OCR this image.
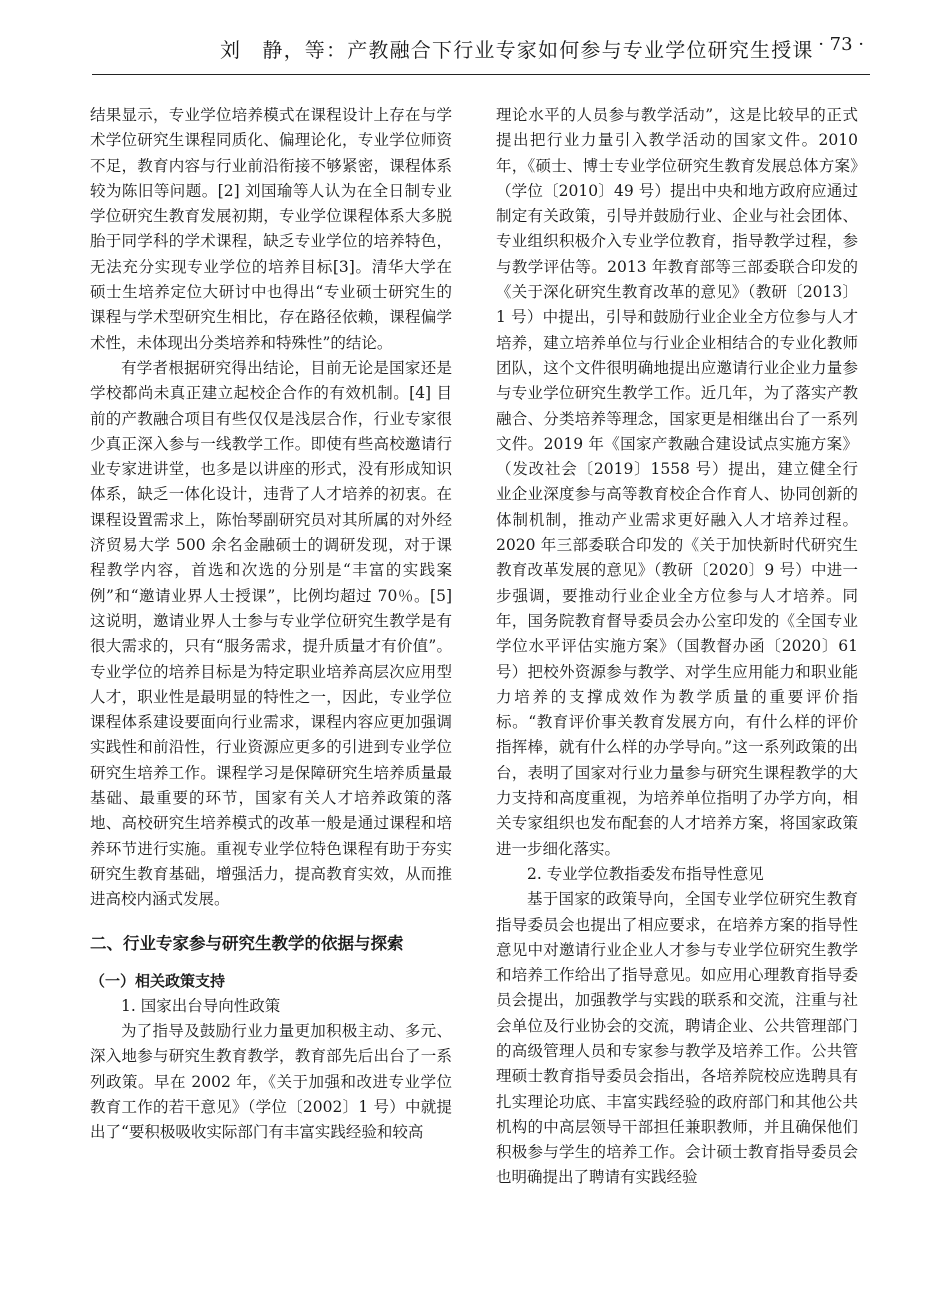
刘　静，等：产教融合下行业专家如何参与专业学位研究生授课 · 73 ·

结果显示，专业学位培养模式在课程设计上存在与学术学位研究生课程同质化、偏理论化，专业学位师资不足，教育内容与行业前沿衔接不够紧密，课程体系较为陈旧等问题。[2] 刘国瑜等人认为在全日制专业学位研究生教育发展初期，专业学位课程体系大多脱胎于同学科的学术课程，缺乏专业学位的培养特色，无法充分实现专业学位的培养目标[3]。清华大学在硕士生培养定位大研讨中也得出“专业硕士研究生的课程与学术型研究生相比，存在路径依赖，课程偏学术性，未体现出分类培养和特殊性”的结论。

有学者根据研究得出结论，目前无论是国家还是学校都尚未真正建立起校企合作的有效机制。[4] 目前的产教融合项目有些仅仅是浅层合作，行业专家很少真正深入参与一线教学工作。即使有些高校邀请行业专家进讲堂，也多是以讲座的形式，没有形成知识体系，缺乏一体化设计，违背了人才培养的初衷。在课程设置需求上，陈怡琴副研究员对其所属的对外经济贸易大学 500 余名金融硕士的调研发现，对于课程教学内容，首选和次选的分别是“丰富的实践案例”和“邀请业界人士授课”，比例均超过 70％。[5] 这说明，邀请业界人士参与专业学位研究生教学是有很大需求的，只有“服务需求，提升质量才有价值”。专业学位的培养目标是为特定职业培养高层次应用型人才，职业性是最明显的特性之一，因此，专业学位课程体系建设要面向行业需求，课程内容应更加强调实践性和前沿性，行业资源应更多的引进到专业学位研究生培养工作。课程学习是保障研究生培养质量最基础、最重要的环节，国家有关人才培养政策的落地、高校研究生培养模式的改革一般是通过课程和培养环节进行实施。重视专业学位特色课程有助于夯实研究生教育基础，增强活力，提高教育实效，从而推进高校内涵式发展。

二、行业专家参与研究生教学的依据与探索

（一）相关政策支持

1. 国家出台导向性政策

为了指导及鼓励行业力量更加积极主动、多元、深入地参与研究生教育教学，教育部先后出台了一系列政策。早在 2002 年，《关于加强和改进专业学位教育工作的若干意见》（学位〔2002〕1 号）中就提出了“要积极吸收实际部门有丰富实践经验和较高

理论水平的人员参与教学活动”，这是比较早的正式提出把行业力量引入教学活动的国家文件。2010 年，《硕士、博士专业学位研究生教育发展总体方案》（学位〔2010〕49 号）提出中央和地方政府应通过制定有关政策，引导并鼓励行业、企业与社会团体、专业组织积极介入专业学位教育，指导教学过程，参与教学评估等。2013 年教育部等三部委联合印发的《关于深化研究生教育改革的意见》（教研〔2013〕1 号）中提出，引导和鼓励行业企业全方位参与人才培养，建立培养单位与行业企业相结合的专业化教师团队，这个文件很明确地提出应邀请行业企业力量参与专业学位研究生教学工作。近几年，为了落实产教融合、分类培养等理念，国家更是相继出台了一系列文件。2019 年《国家产教融合建设试点实施方案》（发改社会〔2019〕1558 号）提出，建立健全行业企业深度参与高等教育校企合作育人、协同创新的体制机制，推动产业需求更好融入人才培养过程。2020 年三部委联合印发的《关于加快新时代研究生教育改革发展的意见》（教研〔2020〕9 号）中进一步强调，要推动行业企业全方位参与人才培养。同年，国务院教育督导委员会办公室印发的《全国专业学位水平评估实施方案》（国教督办函〔2020〕61 号）把校外资源参与教学、对学生应用能力和职业能力培养的支撑成效作为教学质量的重要评价指标。“教育评价事关教育发展方向，有什么样的评价指挥棒，就有什么样的办学导向。”这一系列政策的出台，表明了国家对行业力量参与研究生课程教学的大力支持和高度重视，为培养单位指明了办学方向，相关专家组织也发布配套的人才培养方案，将国家政策进一步细化落实。

2. 专业学位教指委发布指导性意见

基于国家的政策导向，全国专业学位研究生教育指导委员会也提出了相应要求，在培养方案的指导性意见中对邀请行业企业人才参与专业学位研究生教学和培养工作给出了指导意见。如应用心理教育指导委员会提出，加强教学与实践的联系和交流，注重与社会单位及行业协会的交流，聘请企业、公共管理部门的高级管理人员和专家参与教学及培养工作。公共管理硕士教育指导委员会指出，各培养院校应选聘具有扎实理论功底、丰富实践经验的政府部门和其他公共机构的中高层领导干部担任兼职教师，并且确保他们积极参与学生的培养工作。会计硕士教育指导委员会也明确提出了聘请有实践经验
